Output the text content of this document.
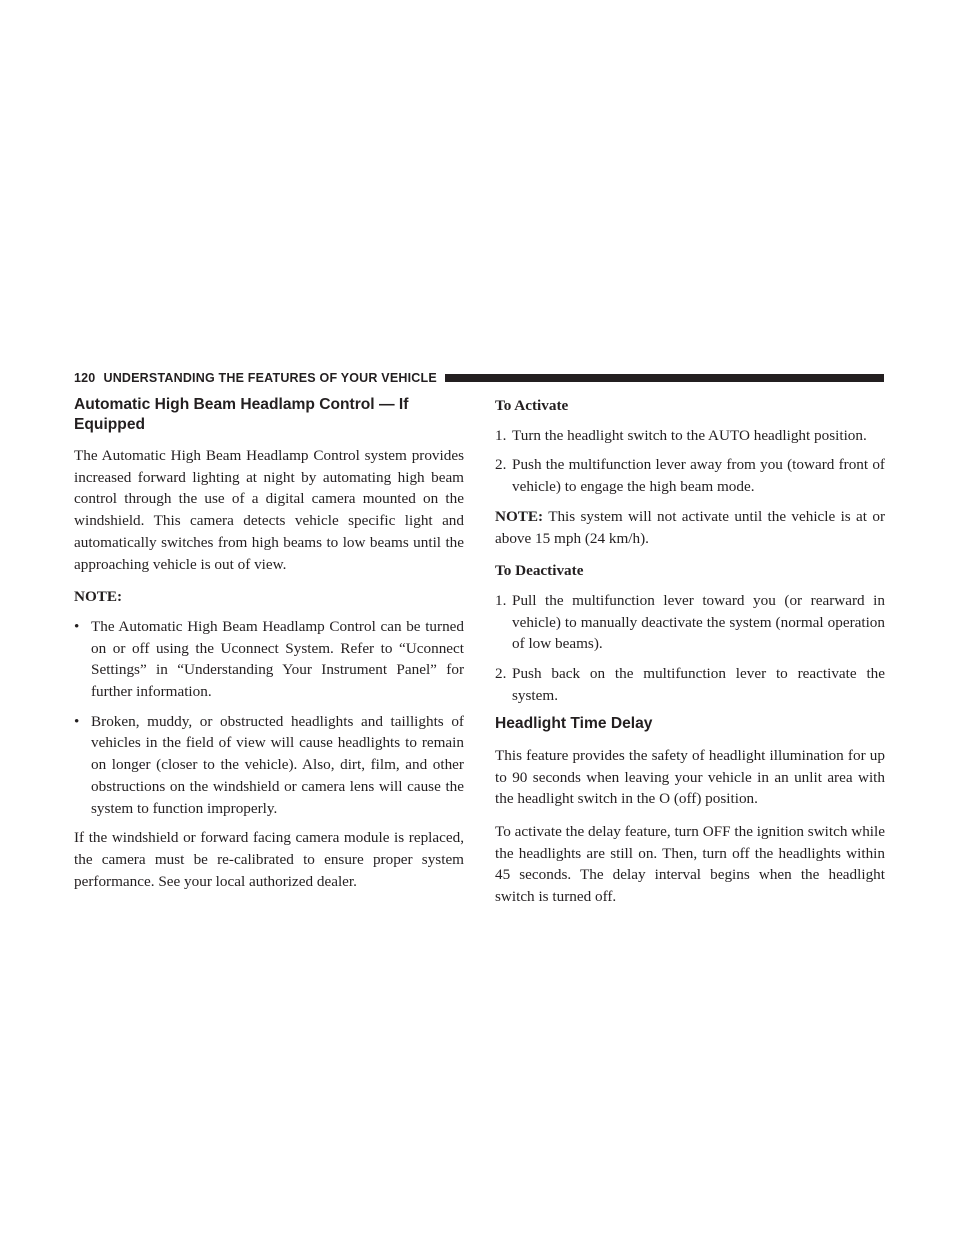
120 UNDERSTANDING THE FEATURES OF YOUR VEHICLE
Automatic High Beam Headlamp Control — If Equipped

The Automatic High Beam Headlamp Control system provides increased forward lighting at night by automating high beam control through the use of a digital camera mounted on the windshield. This camera detects vehicle specific light and automatically switches from high beams to low beams until the approaching vehicle is out of view.

NOTE:
• The Automatic High Beam Headlamp Control can be turned on or off using the Uconnect System. Refer to “Uconnect Settings” in “Understanding Your Instrument Panel” for further information.
• Broken, muddy, or obstructed headlights and taillights of vehicles in the field of view will cause headlights to remain on longer (closer to the vehicle). Also, dirt, film, and other obstructions on the windshield or camera lens will cause the system to function improperly.

If the windshield or forward facing camera module is replaced, the camera must be re-calibrated to ensure proper system performance. See your local authorized dealer.

To Activate
1. Turn the headlight switch to the AUTO headlight position.
2. Push the multifunction lever away from you (toward front of vehicle) to engage the high beam mode.

NOTE: This system will not activate until the vehicle is at or above 15 mph (24 km/h).

To Deactivate
1. Pull the multifunction lever toward you (or rearward in vehicle) to manually deactivate the system (normal operation of low beams).
2. Push back on the multifunction lever to reactivate the system.
Headlight Time Delay

This feature provides the safety of headlight illumination for up to 90 seconds when leaving your vehicle in an unlit area with the headlight switch in the O (off) position.

To activate the delay feature, turn OFF the ignition switch while the headlights are still on. Then, turn off the headlights within 45 seconds. The delay interval begins when the headlight switch is turned off.
